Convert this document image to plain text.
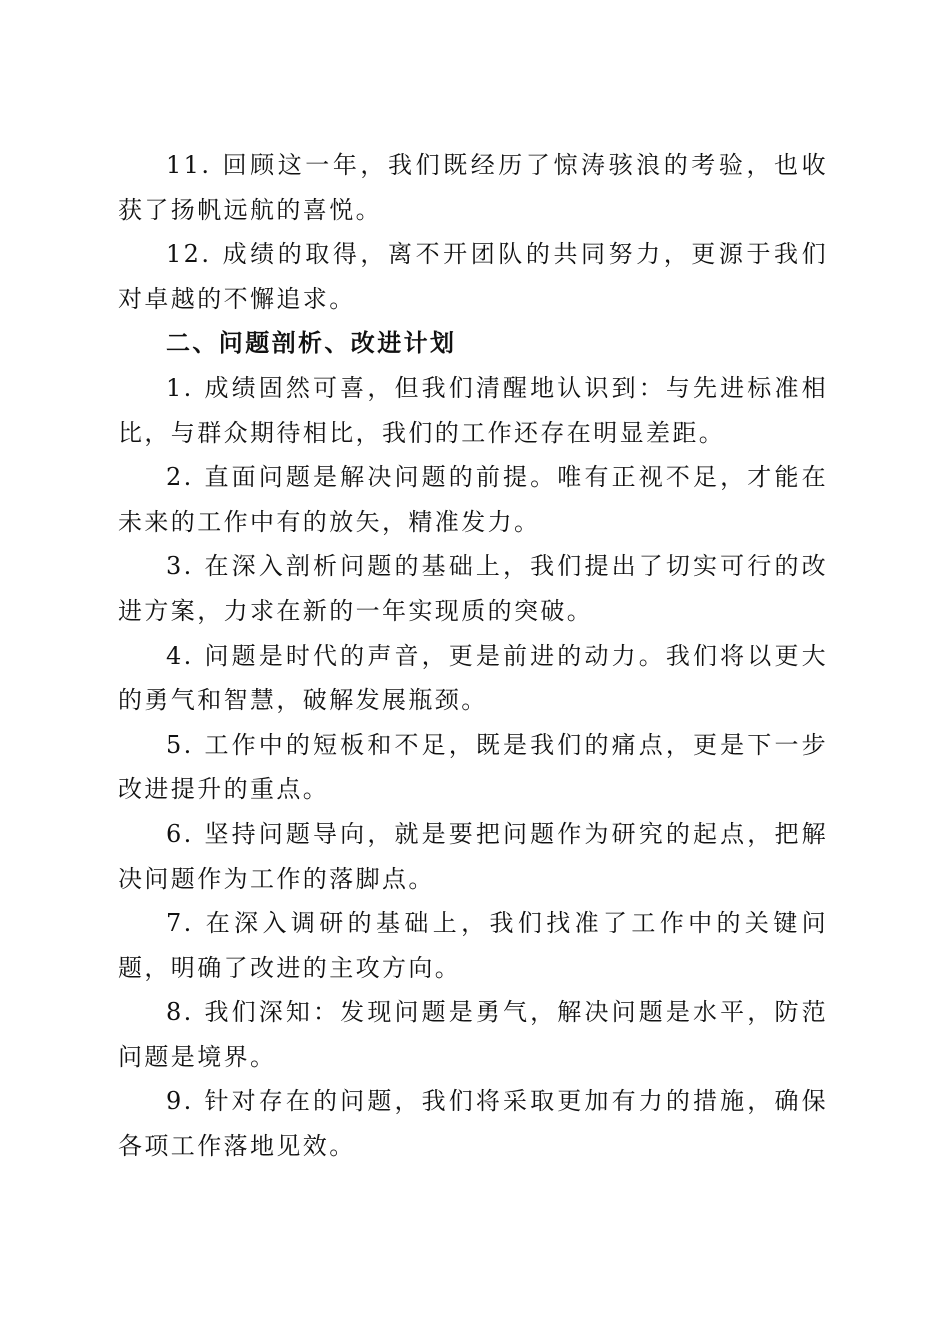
11. 回顾这一年，我们既经历了惊涛骇浪的考验，也收获了扬帆远航的喜悦。

12. 成绩的取得，离不开团队的共同努力，更源于我们对卓越的不懈追求。

二、问题剖析、改进计划

1. 成绩固然可喜，但我们清醒地认识到：与先进标准相比，与群众期待相比，我们的工作还存在明显差距。

2. 直面问题是解决问题的前提。唯有正视不足，才能在未来的工作中有的放矢，精准发力。

3. 在深入剖析问题的基础上，我们提出了切实可行的改进方案，力求在新的一年实现质的突破。

4. 问题是时代的声音，更是前进的动力。我们将以更大的勇气和智慧，破解发展瓶颈。

5. 工作中的短板和不足，既是我们的痛点，更是下一步改进提升的重点。

6. 坚持问题导向，就是要把问题作为研究的起点，把解决问题作为工作的落脚点。

7. 在深入调研的基础上，我们找准了工作中的关键问题，明确了改进的主攻方向。

8. 我们深知：发现问题是勇气，解决问题是水平，防范问题是境界。

9. 针对存在的问题，我们将采取更加有力的措施，确保各项工作落地见效。
